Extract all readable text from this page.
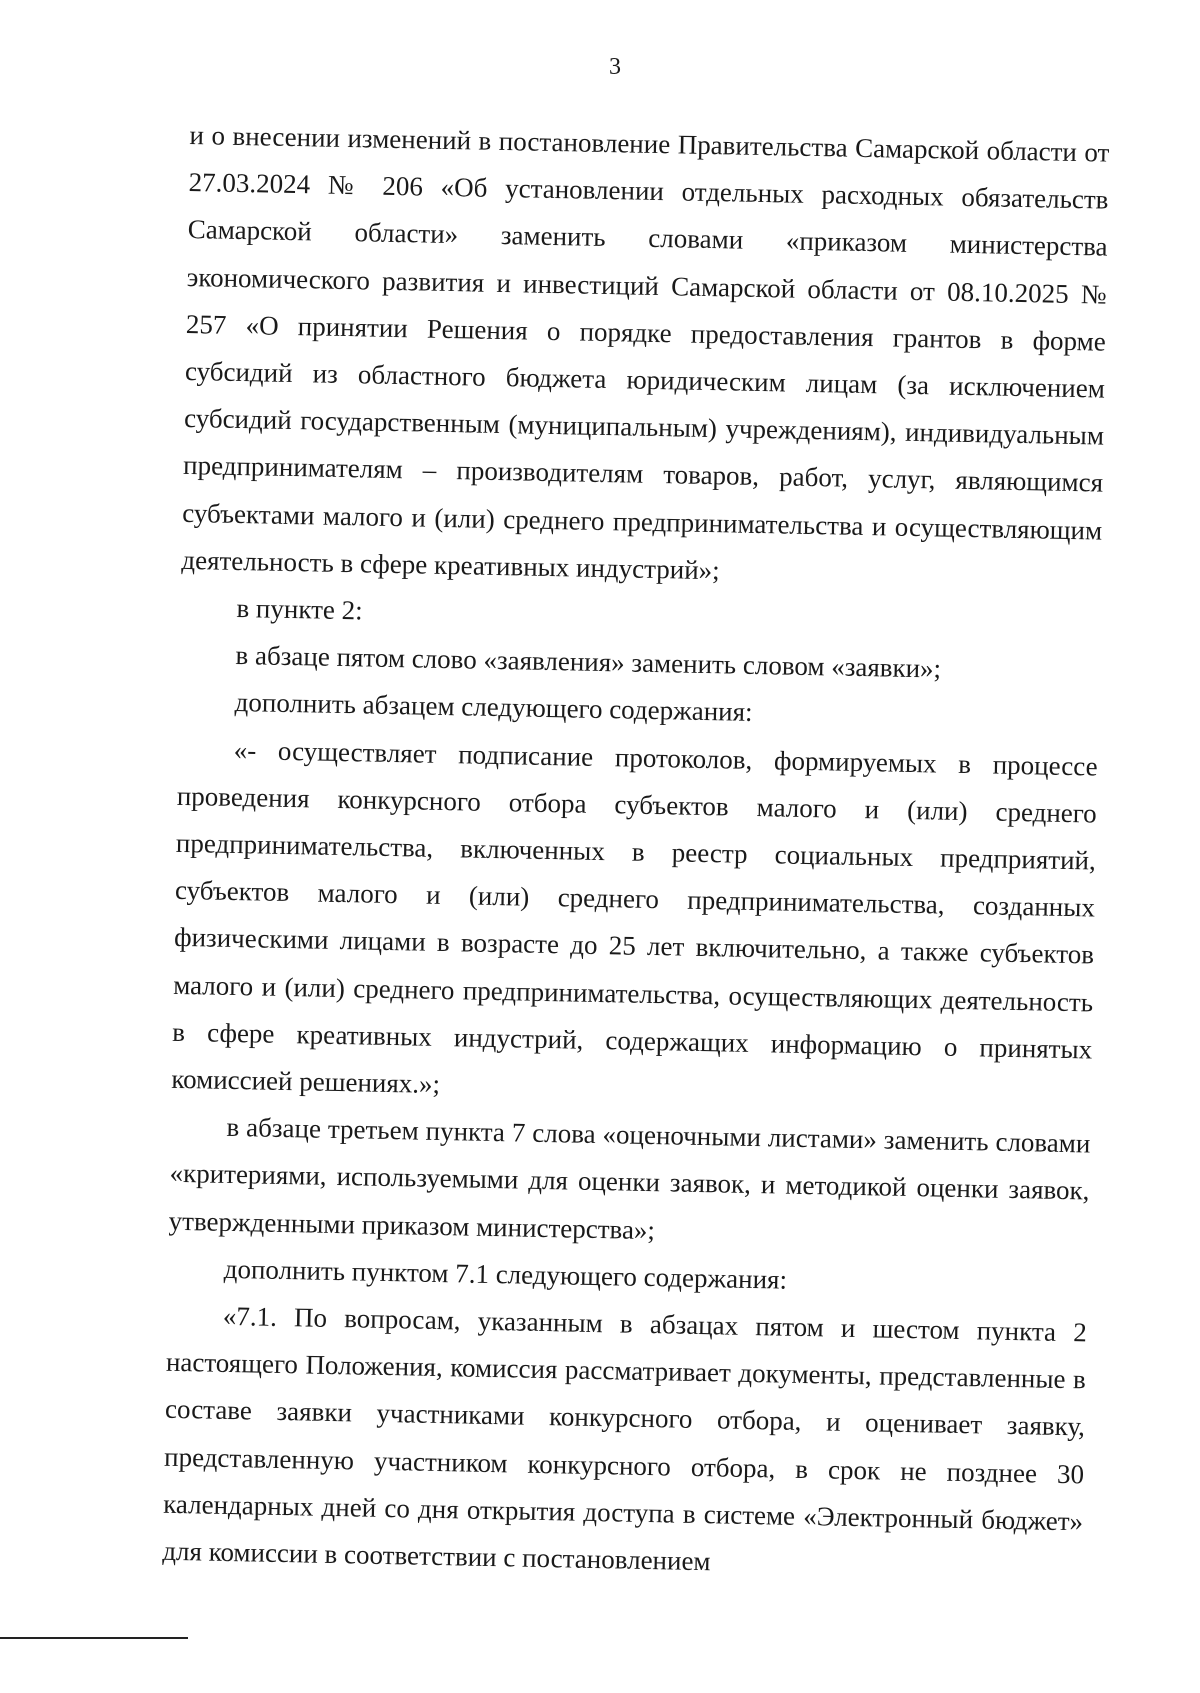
3

и о внесении изменений в постановление Правительства Самарской области от 27.03.2024 № 206 «Об установлении отдельных расходных обязательств Самарской области» заменить словами «приказом министерства экономического развития и инвестиций Самарской области от 08.10.2025 № 257 «О принятии Решения о порядке предоставления грантов в форме субсидий из областного бюджета юридическим лицам (за исключением субсидий государственным (муниципальным) учреждениям), индивидуальным предпринимателям – производителям товаров, работ, услуг, являющимся субъектами малого и (или) среднего предпринимательства и осуществляющим деятельность в сфере креативных индустрий»;

в пункте 2:

в абзаце пятом слово «заявления» заменить словом «заявки»;

дополнить абзацем следующего содержания:

«- осуществляет подписание протоколов, формируемых в процессе проведения конкурсного отбора субъектов малого и (или) среднего предпринимательства, включенных в реестр социальных предприятий, субъектов малого и (или) среднего предпринимательства, созданных физическими лицами в возрасте до 25 лет включительно, а также субъектов малого и (или) среднего предпринимательства, осуществляющих деятельность в сфере креативных индустрий, содержащих информацию о принятых комиссией решениях.»;

в абзаце третьем пункта 7 слова «оценочными листами» заменить словами «критериями, используемыми для оценки заявок, и методикой оценки заявок, утвержденными приказом министерства»;

дополнить пунктом 7.1 следующего содержания:

«7.1. По вопросам, указанным в абзацах пятом и шестом пункта 2 настоящего Положения, комиссия рассматривает документы, представленные в составе заявки участниками конкурсного отбора, и оценивает заявку, представленную участником конкурсного отбора, в срок не позднее 30 календарных дней со дня открытия доступа в системе «Электронный бюджет» для комиссии в соответствии с постановлением
